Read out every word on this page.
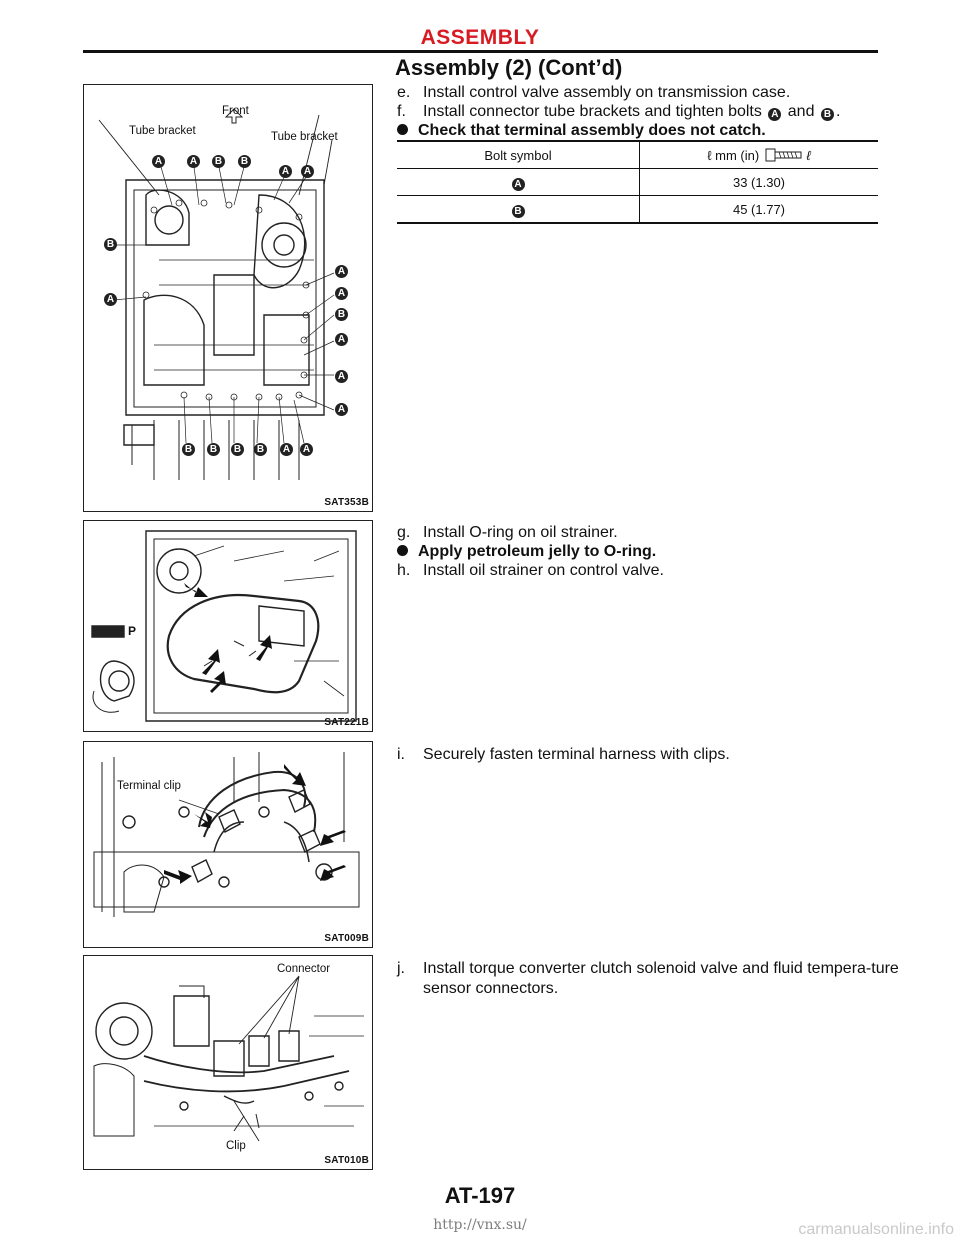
ASSEMBLY
Assembly (2) (Cont’d)
Front
Tube bracket	Tube bracket
A	A B B
A A
B
A
A
A
B
A
A
A
B B B B A A
SAT353B
P
SAT221B
Terminal clip
SAT009B
Connector
Clip
SAT010B
e. Install control valve assembly on transmission case.
f. Install connector tube brackets and tighten bolts A and B .
Check that terminal assembly does not catch.
Bolt symbol	ℓ mm (in) ℓ
A	33 (1.30)
B	45 (1.77)
g. Install O-ring on oil strainer.
Apply petroleum jelly to O-ring.
h. Install oil strainer on control valve.
i. Securely fasten terminal harness with clips.
j. Install torque converter clutch solenoid valve and fluid tempera-ture sensor connectors.
AT-197
http://vnx.su/	carmanualsonline.info
